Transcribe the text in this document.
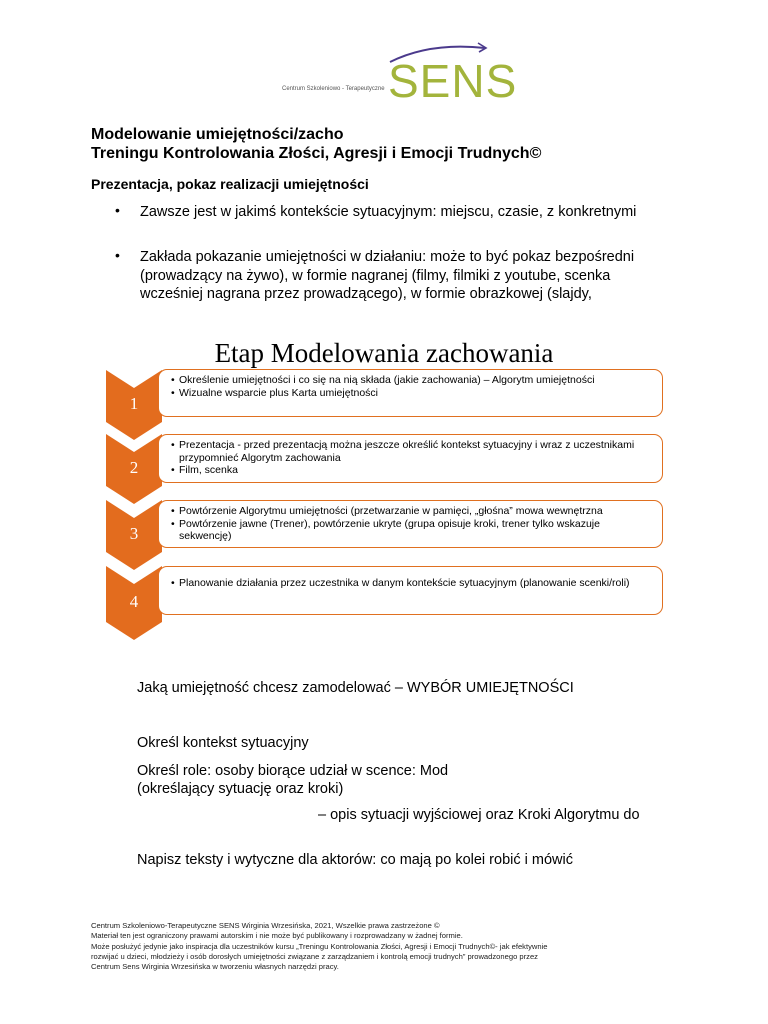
Centrum Szkoleniowo - Terapeutyczne SENS
Modelowanie umiejętności/zacho
Treningu Kontrolowania Złości, Agresji i Emocji Trudnych©
Prezentacja, pokaz realizacji umiejętności
• Zawsze jest w jakimś kontekście sytuacyjnym: miejscu, czasie, z konkretnymi
• Zakłada pokazanie umiejętności w działaniu: może to być pokaz bezpośredni
(prowadzący na żywo), w formie nagranej (filmy, filmiki z youtube, scenka
wcześniej nagrana przez prowadzącego), w formie obrazkowej (slajdy,
Etap Modelowania zachowania
1
• Określenie umiejętności i co się na nią składa (jakie zachowania) – Algorytm umiejętności
• Wizualne wsparcie plus Karta umiejętności
2
• Prezentacja - przed prezentacją można jeszcze określić kontekst sytuacyjny i wraz z uczestnikami przypomnieć Algorytm zachowania
• Film, scenka
3
• Powtórzenie Algorytmu umiejętności (przetwarzanie w pamięci, „głośna” mowa wewnętrzna
• Powtórzenie jawne (Trener), powtórzenie ukryte (grupa opisuje kroki, trener tylko wskazuje sekwencję)
4
• Planowanie działania przez uczestnika w danym kontekście sytuacyjnym (planowanie scenki/roli)
Jaką umiejętność chcesz zamodelować – WYBÓR UMIEJĘTNOŚCI
Określ kontekst sytuacyjny
Określ role: osoby biorące udział w scence: Mod
(określający sytuację oraz kroki)
– opis sytuacji wyjściowej oraz Kroki Algorytmu do
Napisz teksty i wytyczne dla aktorów: co mają po kolei robić i mówić
Centrum Szkoleniowo-Terapeutyczne SENS Wirginia Wrzesińska, 2021, Wszelkie prawa zastrzeżone ©
Materiał ten jest ograniczony prawami autorskim i nie może być publikowany i rozprowadzany w żadnej formie.
Może posłużyć jedynie jako inspiracja dla uczestników kursu „Treningu Kontrolowania Złości, Agresji i Emocji Trudnych©- jak efektywnie
rozwijać u dzieci, młodzieży i osób dorosłych umiejętności związane z zarządzaniem i kontrolą emocji trudnych” prowadzonego przez
Centrum Sens Wirginia Wrzesińska w tworzeniu własnych narzędzi pracy.
